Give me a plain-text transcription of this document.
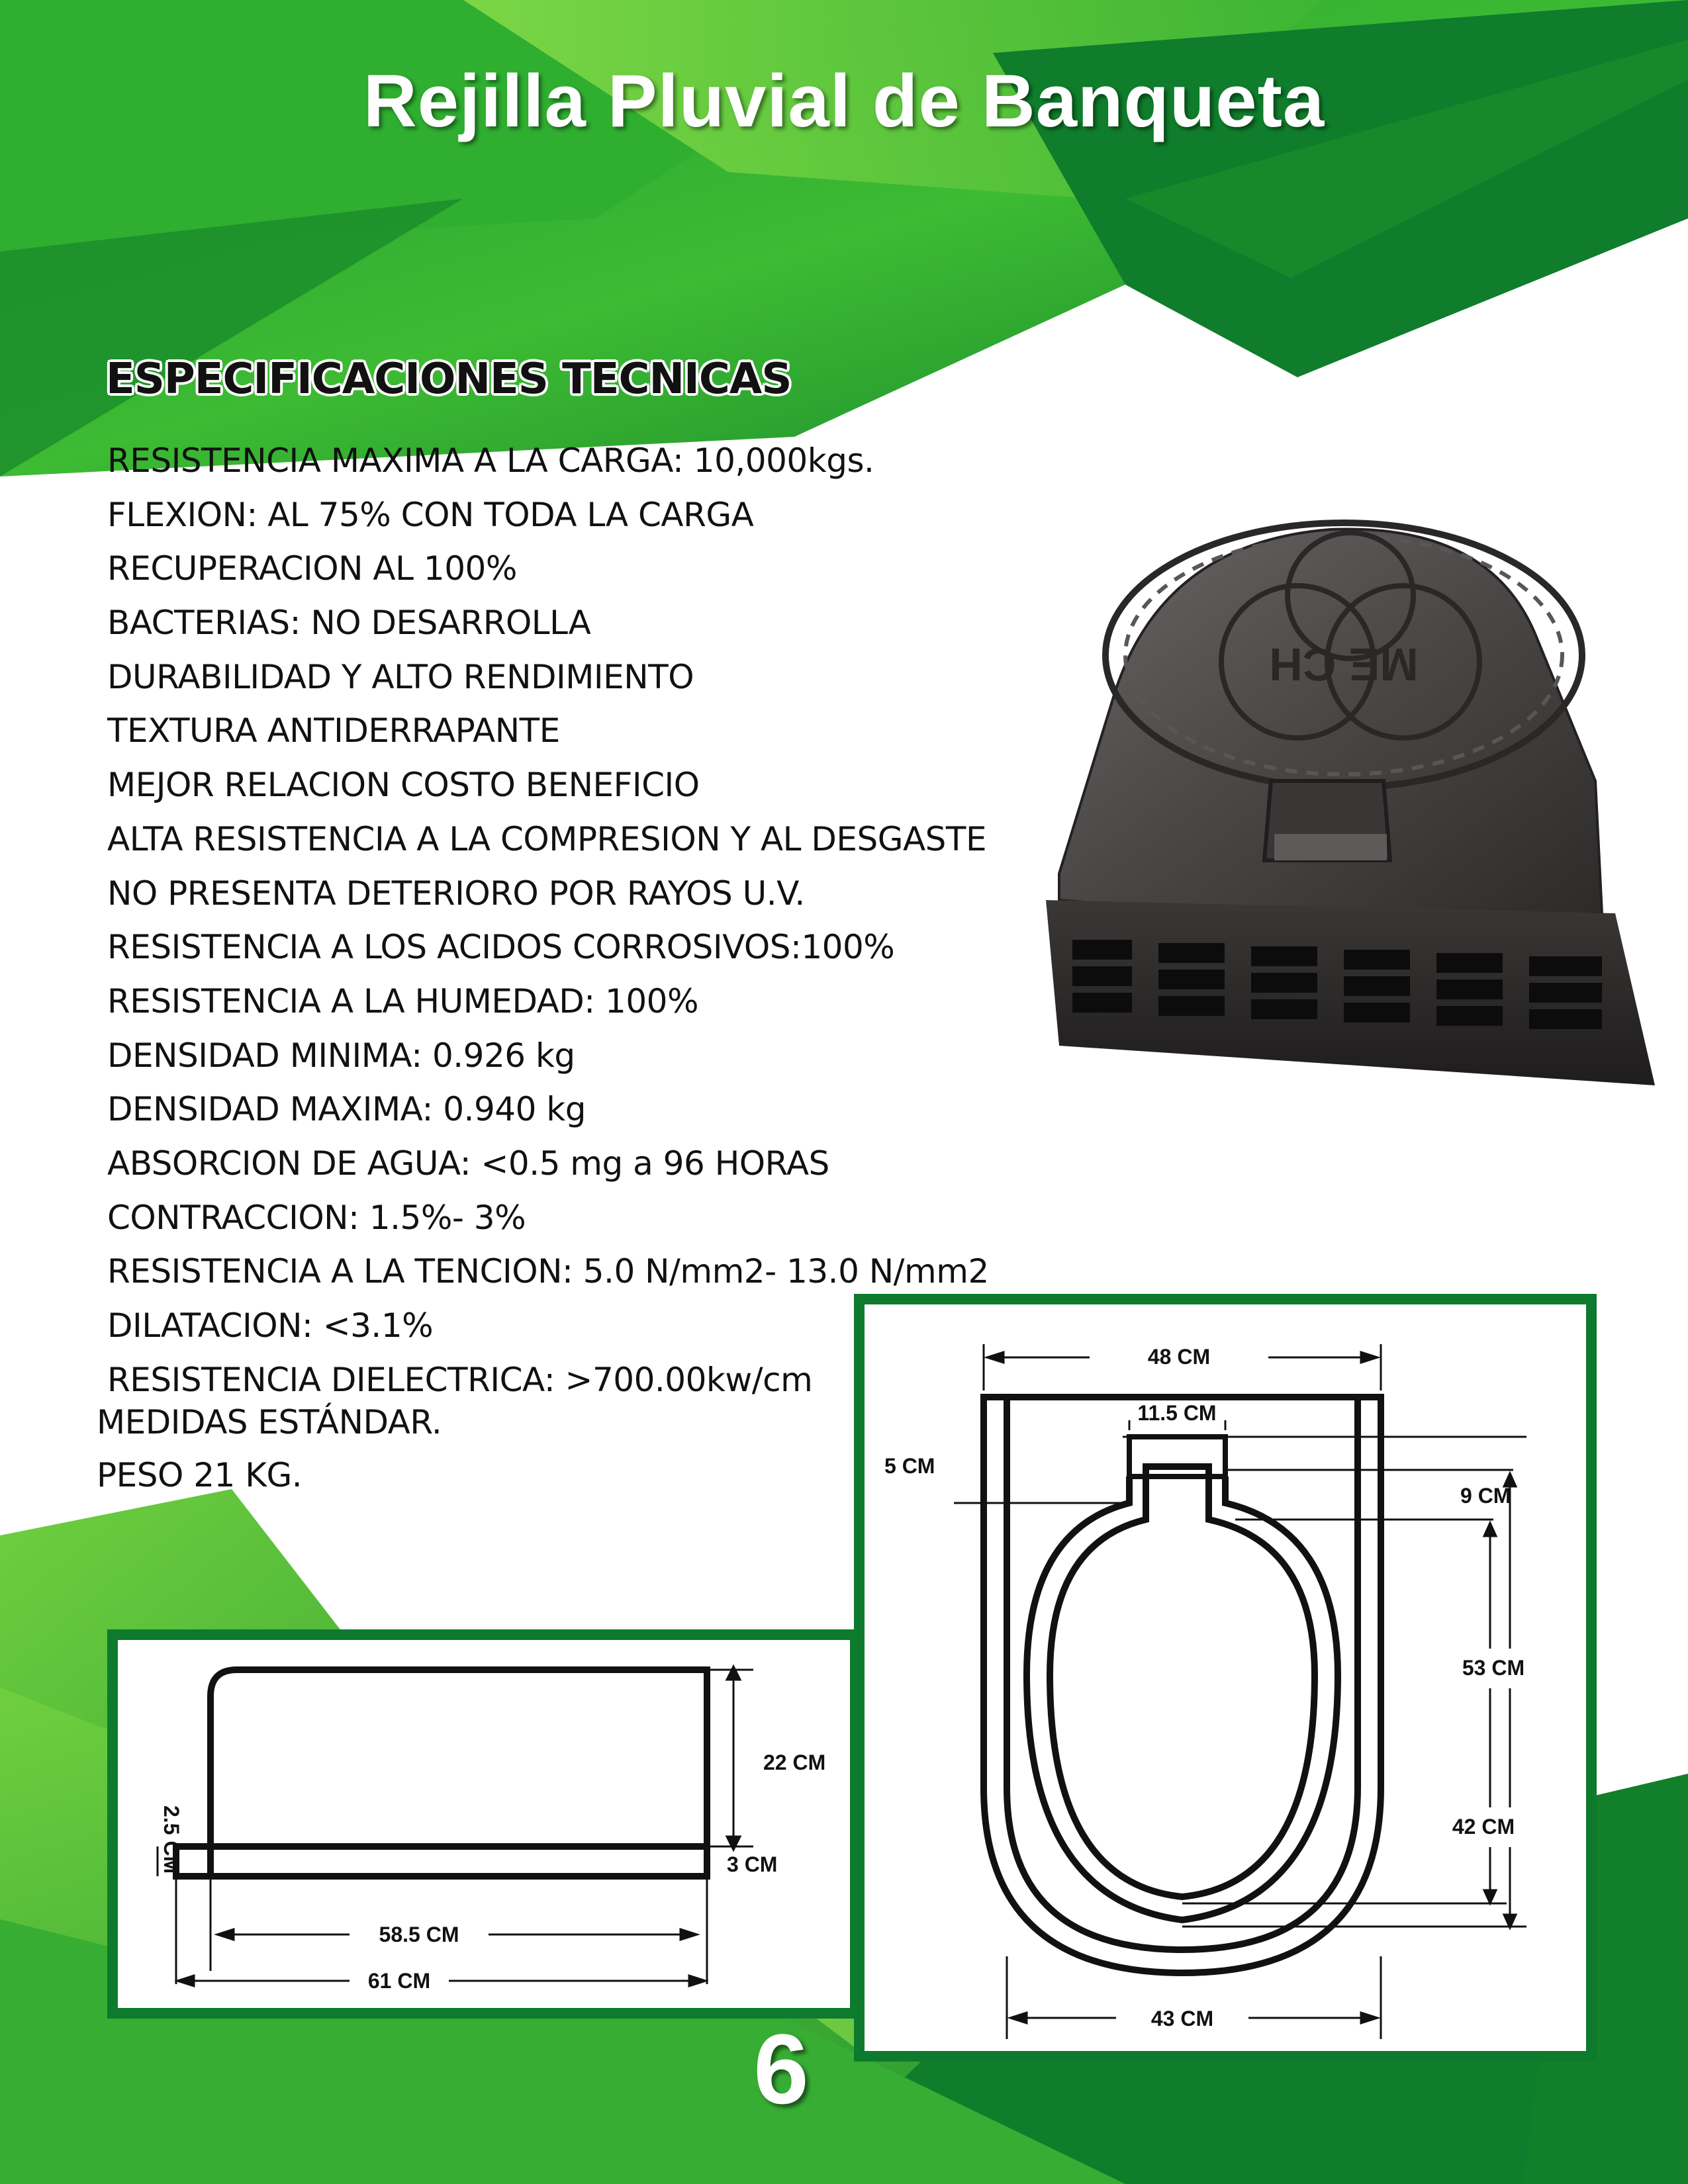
Rejilla Pluvial de Banqueta
ESPECIFICACIONES TECNICAS
RESISTENCIA MAXIMA A LA CARGA: 10,000kgs.
FLEXION: AL 75% CON TODA LA CARGA
RECUPERACION AL 100%
BACTERIAS: NO DESARROLLA
DURABILIDAD Y ALTO RENDIMIENTO
TEXTURA ANTIDERRAPANTE
MEJOR RELACION COSTO BENEFICIO
ALTA RESISTENCIA A LA COMPRESION Y AL DESGASTE
NO PRESENTA DETERIORO POR RAYOS U.V.
RESISTENCIA A LOS ACIDOS CORROSIVOS:100%
RESISTENCIA A LA HUMEDAD: 100%
DENSIDAD MINIMA: 0.926 kg
DENSIDAD MAXIMA: 0.940 kg
ABSORCION DE AGUA: <0.5 mg a 96 HORAS
CONTRACCION: 1.5%- 3%
RESISTENCIA A LA TENCION: 5.0 N/mm2- 13.0 N/mm2
DILATACION: <3.1%
RESISTENCIA DIELECTRICA: >700.00kw/cm
MEDIDAS ESTÁNDAR.
PESO 21 KG.
ME CH
22 CM
3 CM
58.5 CM
61 CM
2.5 CM
48 CM
11.5 CM
5 CM
9 CM
53 CM
42 CM
43 CM
6
